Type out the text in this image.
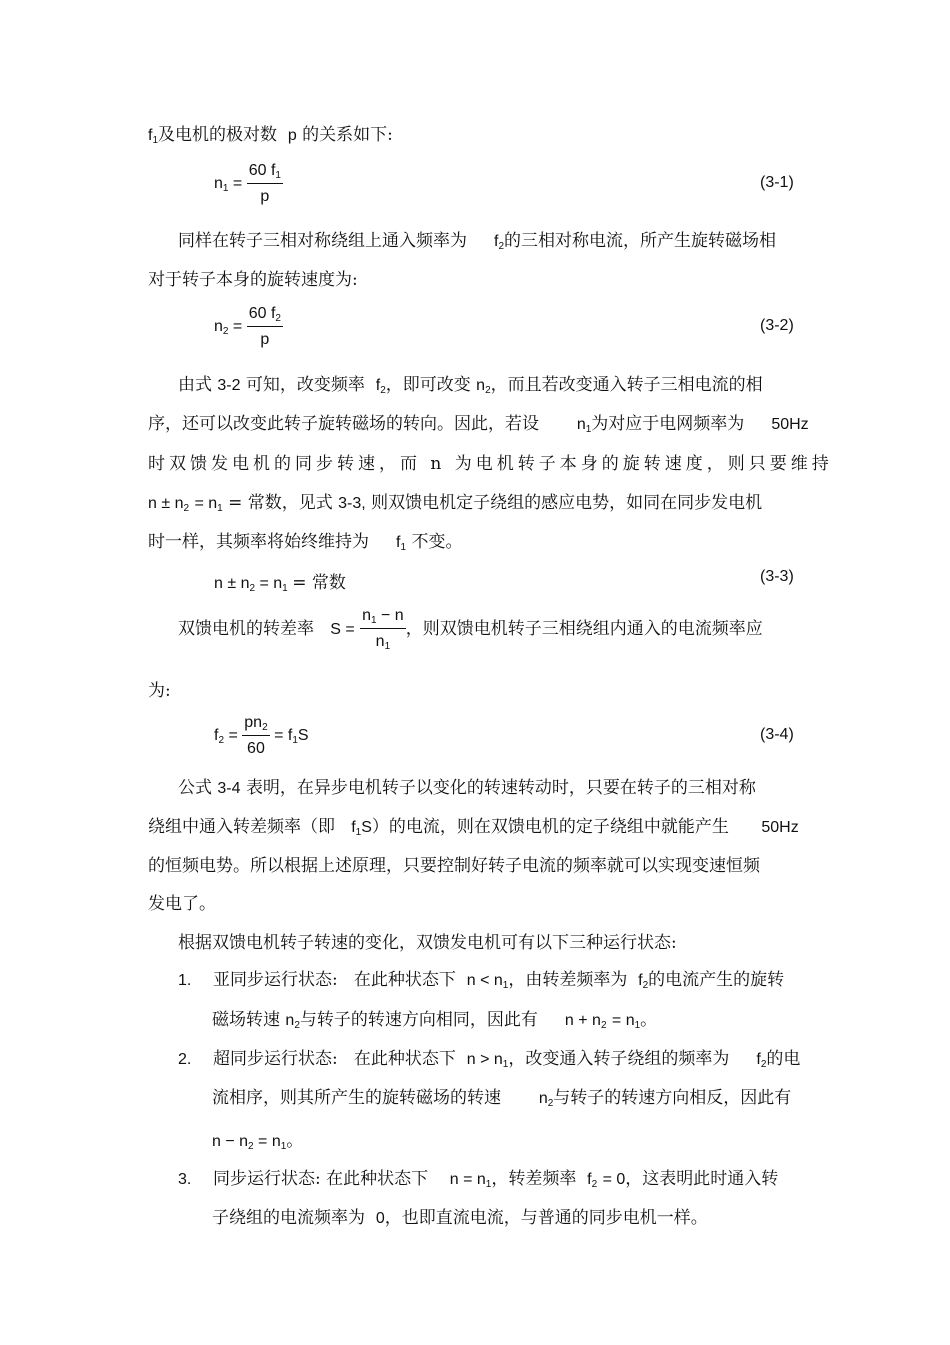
$f_1$及电机的极对数 p 的关系如下:
$n_1 = \frac{60 f_1}{p}$	(3-1)
同样在转子三相对称绕组上通入频率为 $f_2$的三相对称电流，所产生旋转磁场相
对于转子本身的旋转速度为:
$n_2 = \frac{60 f_2}{p}$	(3-2)
由式 3-2 可知，改变频率 $f_2$，即可改变 $n_2$，而且若改变通入转子三相电流的相
序，还可以改变此转子旋转磁场的转向。因此，若设 $n_1$为对应于电网频率为 50Hz
时双馈发电机的同步转速，而 n 为电机转子本身的旋转速度，则只要维持
$n \pm n_2 = n_1$ = 常数，见式 3-3, 则双馈电机定子绕组的感应电势，如同在同步发电机
时一样，其频率将始终维持为 $f_1$ 不变。
$n \pm n_2 = n_1$ = 常数	(3-3)
双馈电机的转差率 $S = \frac{n_1 - n}{n_1}$ ，则双馈电机转子三相绕组内通入的电流频率应
为:
$f_2 = \frac{pn_2}{60} = f_1S$	(3-4)
公式 3-4 表明，在异步电机转子以变化的转速转动时，只要在转子的三相对称
绕组中通入转差频率（即 $f_1S$）的电流，则在双馈电机的定子绕组中就能产生 50Hz
的恒频电势。所以根据上述原理，只要控制好转子电流的频率就可以实现变速恒频
发电了。
根据双馈电机转子转速的变化，双馈发电机可有以下三种运行状态:
1. 亚同步运行状态: 在此种状态下 $n < n_1$，由转差频率为 $f_2$的电流产生的旋转
磁场转速 $n_2$与转子的转速方向相同，因此有 $n + n_2 = n_1$。
2. 超同步运行状态: 在此种状态下 $n > n_1$，改变通入转子绕组的频率为 $f_2$的电
流相序，则其所产生的旋转磁场的转速 $n_2$与转子的转速方向相反，因此有
$n - n_2 = n_1$。
3. 同步运行状态: 在此种状态下 $n = n_1$，转差频率 $f_2 = 0$，这表明此时通入转
子绕组的电流频率为 0，也即直流电流，与普通的同步电机一样。
